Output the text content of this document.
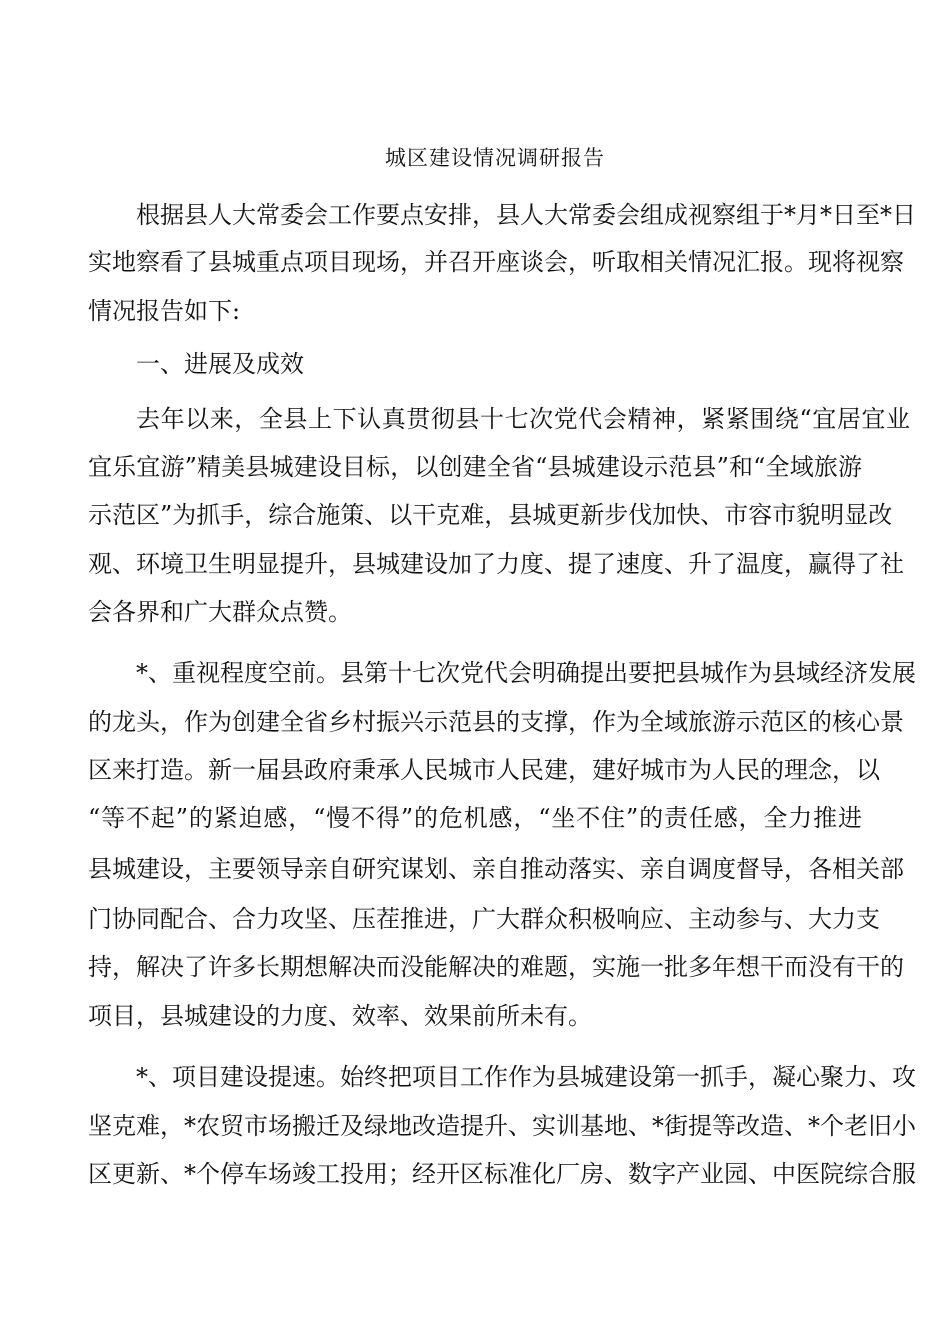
城区建设情况调研报告
根据县人大常委会工作要点安排，县人大常委会组成视察组于*月*日至*日
实地察看了县城重点项目现场，并召开座谈会，听取相关情况汇报。现将视察
情况报告如下:
一、进展及成效
去年以来，全县上下认真贯彻县十七次党代会精神，紧紧围绕“宜居宜业
宜乐宜游”精美县城建设目标，以创建全省“县城建设示范县”和“全域旅游
示范区”为抓手，综合施策、以干克难，县城更新步伐加快、市容市貌明显改
观、环境卫生明显提升，县城建设加了力度、提了速度、升了温度，赢得了社
会各界和广大群众点赞。
*、重视程度空前。县第十七次党代会明确提出要把县城作为县域经济发展
的龙头，作为创建全省乡村振兴示范县的支撑，作为全域旅游示范区的核心景
区来打造。新一届县政府秉承人民城市人民建，建好城市为人民的理念，以
“等不起”的紧迫感，“慢不得”的危机感，“坐不住”的责任感，全力推进
县城建设，主要领导亲自研究谋划、亲自推动落实、亲自调度督导，各相关部
门协同配合、合力攻坚、压茬推进，广大群众积极响应、主动参与、大力支
持，解决了许多长期想解决而没能解决的难题，实施一批多年想干而没有干的
项目，县城建设的力度、效率、效果前所未有。
*、项目建设提速。始终把项目工作作为县城建设第一抓手，凝心聚力、攻
坚克难，*农贸市场搬迁及绿地改造提升、实训基地、*街提等改造、*个老旧小
区更新、*个停车场竣工投用；经开区标准化厂房、数字产业园、中医院综合服
